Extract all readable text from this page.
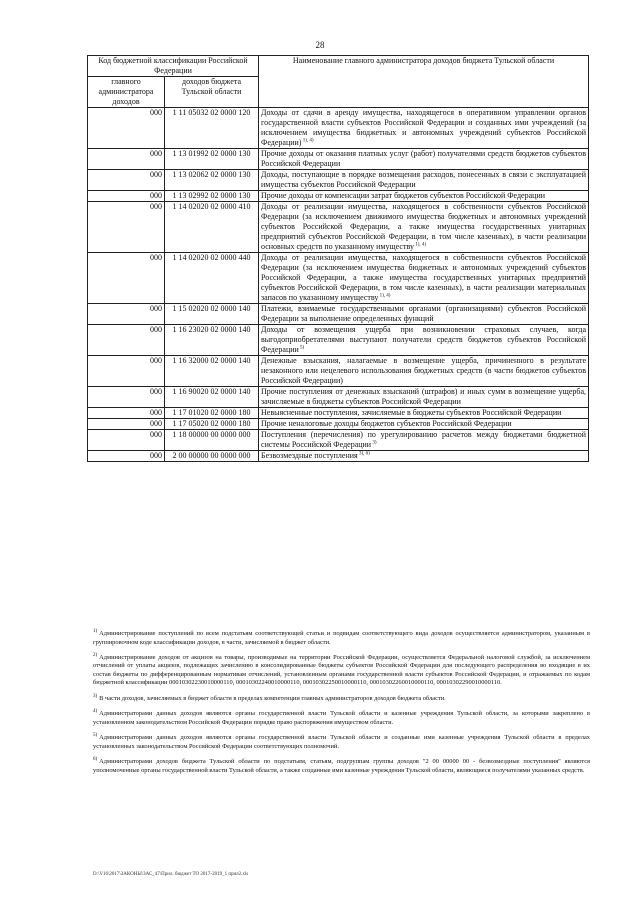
28
Код бюджетной классификации Российской Федерации		Наименование главного администратора доходов бюджета Тульской области
главного администратора доходов	доходов бюджета Тульской области	
000	1 11 05032 02 0000 120	Доходы от сдачи в аренду имущества, находящегося в оперативном управлении органов государственной власти субъектов Российской Федерации и созданных ими учреждений (за исключением имущества бюджетных и автономных учреждений субъектов Российской Федерации) $^{1), 4)}$
000	1 13 01992 02 0000 130	Прочие доходы от оказания платных услуг (работ) получателями средств бюджетов субъектов Российской Федерации
000	1 13 02062 02 0000 130	Доходы, поступающие в порядке возмещения расходов, понесенных в связи с эксплуатацией имущества субъектов Российской Федерации
000	1 13 02992 02 0000 130	Прочие доходы от компенсации затрат бюджетов субъектов Российской Федерации
000	1 14 02020 02 0000 410	Доходы от реализации имущества, находящегося в собственности субъектов Российской Федерации (за исключением движимого имущества бюджетных и автономных учреждений субъектов Российской Федерации, а также имущества государственных унитарных предприятий субъектов Российской Федерации, в том числе казенных), в части реализации основных средств по указанному имуществу $^{1), 4)}$
000	1 14 02020 02 0000 440	Доходы от реализации имущества, находящегося в собственности субъектов Российской Федерации (за исключением имущества бюджетных и автономных учреждений субъектов Российской Федерации, а также имущества государственных унитарных предприятий субъектов Российской Федерации, в том числе казенных), в части реализации материальных запасов по указанному имуществу $^{1), 4)}$
000	1 15 02020 02 0000 140	Платежи, взимаемые государственными органами (организациями) субъектов Российской Федерации за выполнение определенных функций
000	1 16 23020 02 0000 140	Доходы от возмещения ущерба при возникновении страховых случаев, когда выгодоприобретателями выступают получатели средств бюджетов субъектов Российской Федерации $^{5)}$
000	1 16 32000 02 0000 140	Денежные взыскания, налагаемые в возмещение ущерба, причиненного в результате незаконного или нецелевого использования бюджетных средств (в части бюджетов субъектов Российской Федерации)
000	1 16 90020 02 0000 140	Прочие поступления от денежных взысканий (штрафов) и иных сумм в возмещение ущерба, зачисляемые в бюджеты субъектов Российской Федерации
000	1 17 01020 02 0000 180	Невыясненные поступления, зачисляемые в бюджеты субъектов Российской Федерации
000	1 17 05020 02 0000 180	Прочие неналоговые доходы бюджетов субъектов Российской Федерации
000	1 18 00000 00 0000 000	Поступления (перечисления) по урегулированию расчетов между бюджетами бюджетной системы Российской Федерации $^{3)}$
000	2 00 00000 00 0000 000	Безвозмездные поступления $^{3), 6)}$
$^{1)}$ Администрирование поступлений по всем подстатьям соответствующей статьи и подвидам соответствующего вида доходов осуществляется администратором, указанным в группировочном коде классификации доходов, в части, зачисляемой в бюджет области.
$^{2)}$ Администрирование доходов от акцизов на товары, производимые на территории Российской Федерации, осуществляется Федеральной налоговой службой, за исключением отчислений от уплаты акцизов, подлежащих зачислению в консолидированные бюджеты субъектов Российской Федерации для последующего распределения во входящие в их состав бюджеты по дифференцированным нормативам отчислений, установленным органами государственной власти субъектов Российской Федерации, и отражаемых по кодам бюджетной классификации 00010302230010000110, 00010302240010000110, 00010302250010000110, 00010302260010000110, 00010302290010000110.
$^{3)}$ В части доходов, зачисляемых в бюджет области в пределах компетенции главных администраторов доходов бюджета области.
$^{4)}$ Администраторами данных доходов являются органы государственной власти Тульской области и казенные учреждения Тульской области, за которыми закреплено в установленном законодательством Российской Федерации порядке право распоряжения имуществом области.
$^{5)}$ Администраторами данных доходов являются органы государственной власти Тульской области и созданные ими казенные учреждения Тульской области в пределах установленных законодательством Российской Федерации соответствующих полномочий.
$^{6)}$ Администраторами доходов бюджета Тульской области по подстатьям, статьям, подгруппам группы доходов "2 00 00000 00 - безвозмездные поступления" являются уполномоченные органы государственной власти Тульской области, а также созданные ими казенные учреждения Тульской области, являющиеся получателями указанных средств.
D:\V16\2017\ЗАКОНЫ\ЗАС_47\Прил. бюджет ТО 2017-2019_1 прил2.xls
